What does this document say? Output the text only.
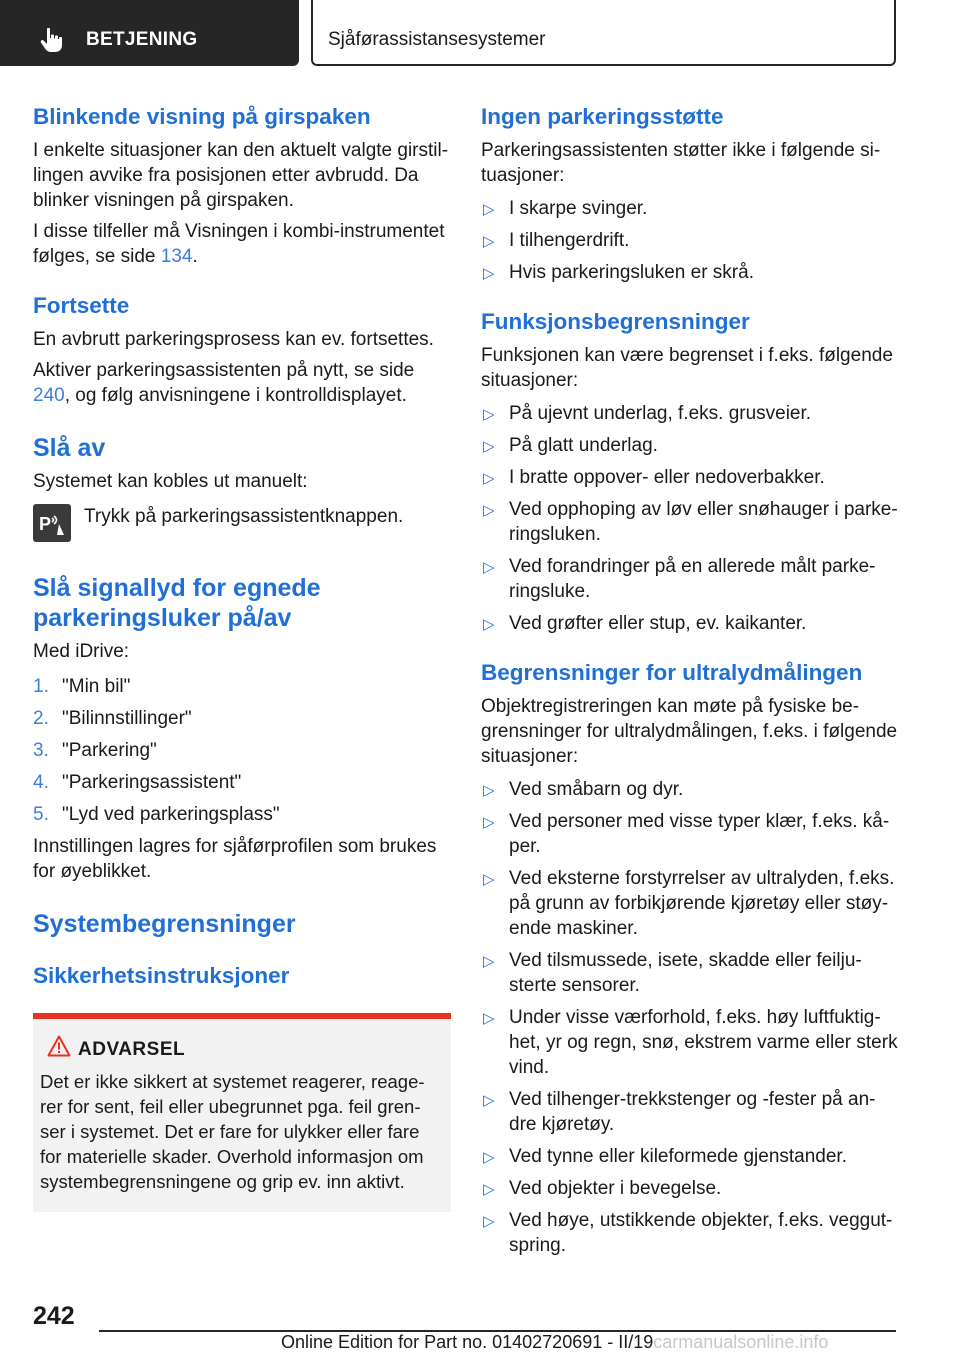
BETJENING	Sjåførassistansesystemer
Blinkende visning på girspaken
I enkelte situasjoner kan den aktuelt valgte girstil-lingen avvike fra posisjonen etter avbrudd. Da blinker visningen på girspaken.
I disse tilfeller må Visningen i kombi-instrumentet følges, se side 134.
Fortsette
En avbrutt parkeringsprosess kan ev. fortsettes.
Aktiver parkeringsassistenten på nytt, se side 240, og følg anvisningene i kontrolldisplayet.
Slå av
Systemet kan kobles ut manuelt:
P Trykk på parkeringsassistentknappen.
Slå signallyd for egnede parkeringsluker på/av
Med iDrive:
1. "Min bil"
2. "Bilinnstillinger"
3. "Parkering"
4. "Parkeringsassistent"
5. "Lyd ved parkeringsplass"
Innstillingen lagres for sjåførprofilen som brukes for øyeblikket.
Systembegrensninger
Sikkerhetsinstruksjoner
ADVARSEL
Det er ikke sikkert at systemet reagerer, reage-rer for sent, feil eller ubegrunnet pga. feil gren-ser i systemet. Det er fare for ulykker eller fare for materielle skader. Overhold informasjon om systembegrensningene og grip ev. inn aktivt.
Ingen parkeringsstøtte
Parkeringsassistenten støtter ikke i følgende si-tuasjoner:
▷ I skarpe svinger.
▷ I tilhengerdrift.
▷ Hvis parkeringsluken er skrå.
Funksjonsbegrensninger
Funksjonen kan være begrenset i f.eks. følgende situasjoner:
▷ På ujevnt underlag, f.eks. grusveier.
▷ På glatt underlag.
▷ I bratte oppover- eller nedoverbakker.
▷ Ved opphoping av løv eller snøhauger i parke-ringsluken.
▷ Ved forandringer på en allerede målt parke-ringsluke.
▷ Ved grøfter eller stup, ev. kaikanter.
Begrensninger for ultralydmålingen
Objektregistreringen kan møte på fysiske be-grensninger for ultralydmålingen, f.eks. i følgende situasjoner:
▷ Ved småbarn og dyr.
▷ Ved personer med visse typer klær, f.eks. kå-per.
▷ Ved eksterne forstyrrelser av ultralyden, f.eks. på grunn av forbikjørende kjøretøy eller støy-ende maskiner.
▷ Ved tilsmussede, isete, skadde eller feilju-sterte sensorer.
▷ Under visse værforhold, f.eks. høy luftfuktig-het, yr og regn, snø, ekstrem varme eller sterk vind.
▷ Ved tilhenger-trekkstenger og -fester på an-dre kjøretøy.
▷ Ved tynne eller kileformede gjenstander.
▷ Ved objekter i bevegelse.
▷ Ved høye, utstikkende objekter, f.eks. veggut-spring.
242
Online Edition for Part no. 01402720691 - II/19carmanualsonline.info
